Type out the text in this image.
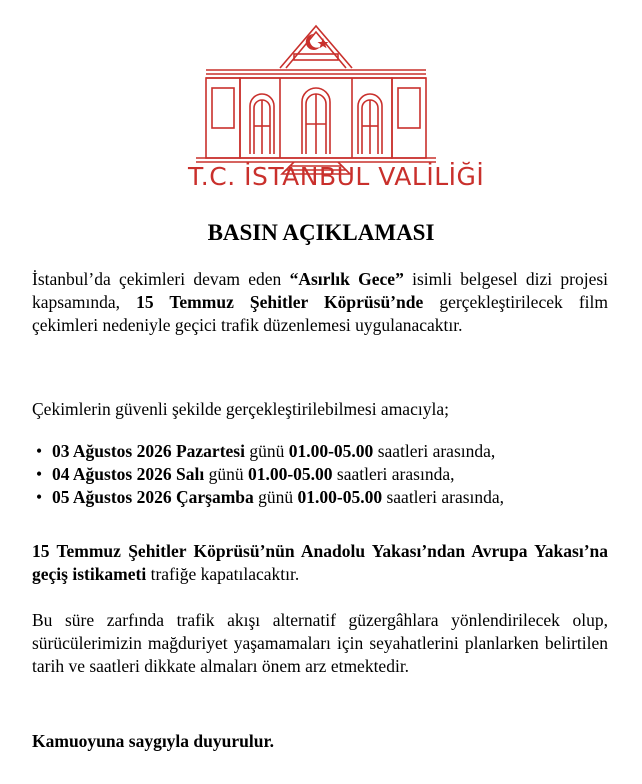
T.C. İSTANBUL VALİLİĞİ
BASIN AÇIKLAMASI

İstanbul’da çekimleri devam eden “Asırlık Gece” isimli belgesel dizi projesi kapsamında, 15 Temmuz Şehitler Köprüsü’nde gerçekleştirilecek film çekimleri nedeniyle geçici trafik düzenlemesi uygulanacaktır.

Çekimlerin güvenli şekilde gerçekleştirilebilmesi amacıyla;

• 03 Ağustos 2026 Pazartesi günü 01.00-05.00 saatleri arasında,
• 04 Ağustos 2026 Salı günü 01.00-05.00 saatleri arasında,
• 05 Ağustos 2026 Çarşamba günü 01.00-05.00 saatleri arasında,

15 Temmuz Şehitler Köprüsü’nün Anadolu Yakası’ndan Avrupa Yakası’na geçiş istikameti trafiğe kapatılacaktır.

Bu süre zarfında trafik akışı alternatif güzergâhlara yönlendirilecek olup, sürücülerimizin mağduriyet yaşamamaları için seyahatlerini planlarken belirtilen tarih ve saatleri dikkate almaları önem arz etmektedir.

Kamuoyuna saygıyla duyurulur.
